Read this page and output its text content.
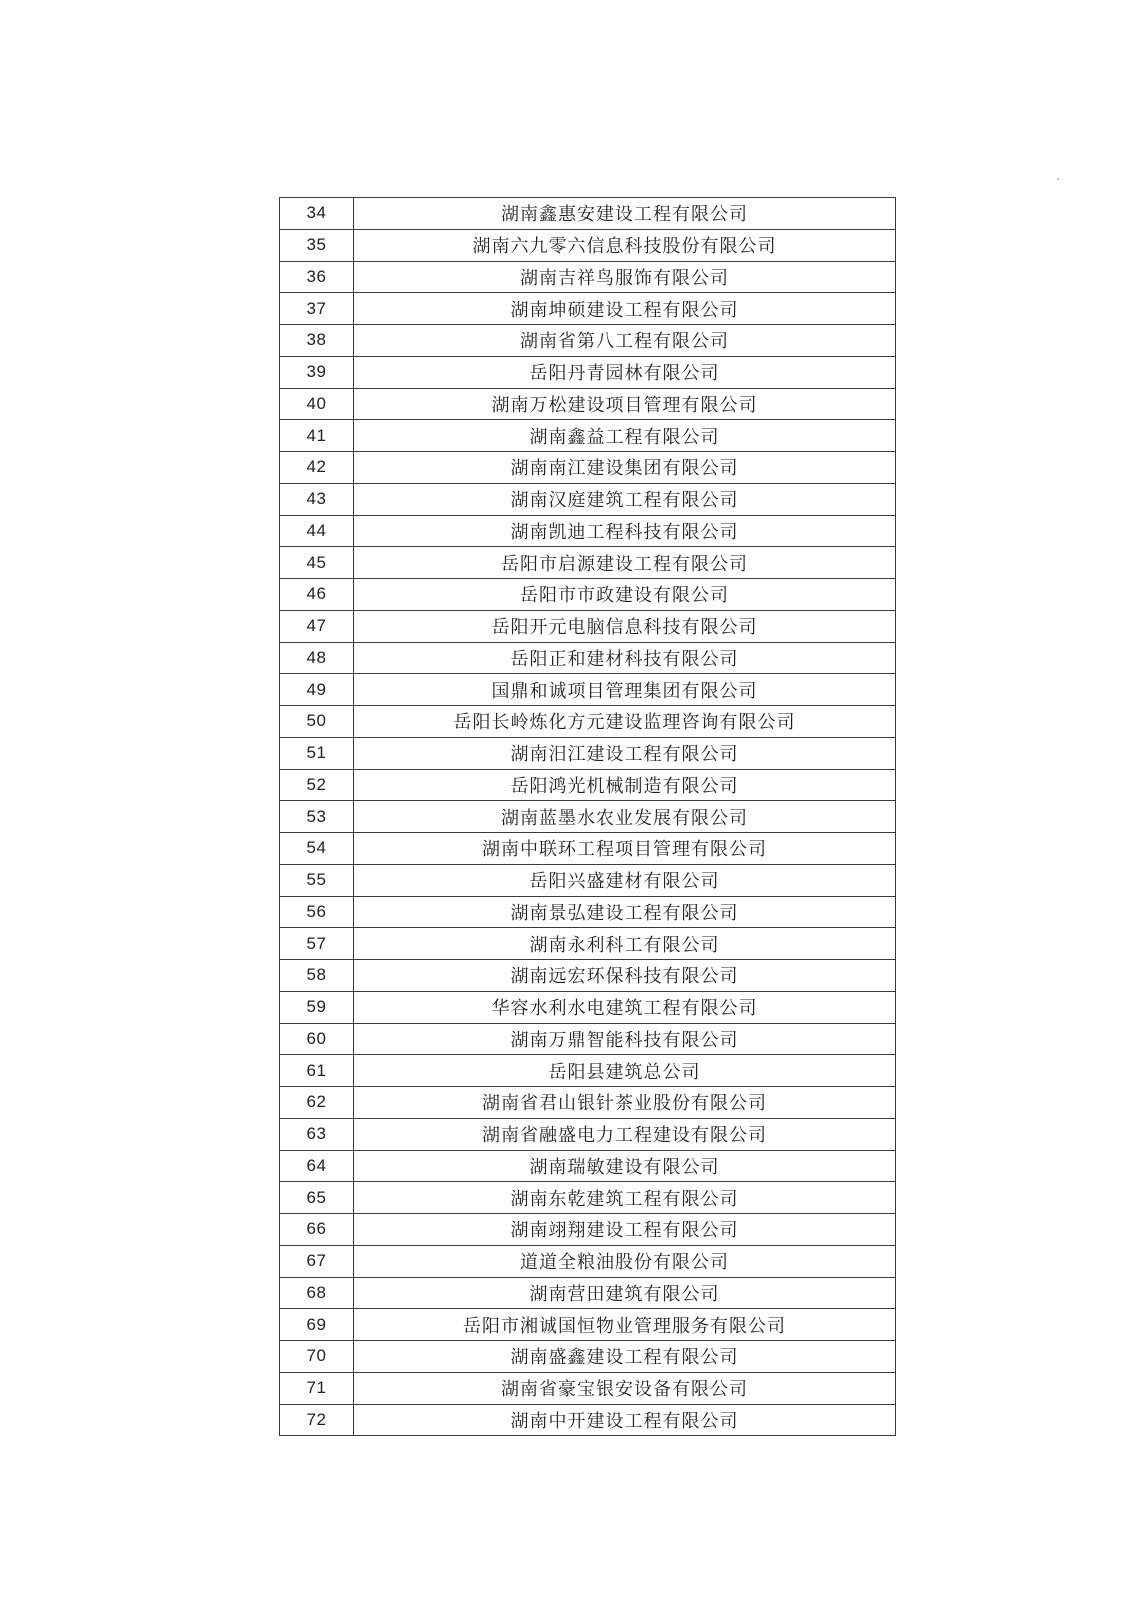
34	湖南鑫惠安建设工程有限公司
35	湖南六九零六信息科技股份有限公司
36	湖南吉祥鸟服饰有限公司
37	湖南坤硕建设工程有限公司
38	湖南省第八工程有限公司
39	岳阳丹青园林有限公司
40	湖南万松建设项目管理有限公司
41	湖南鑫益工程有限公司
42	湖南南江建设集团有限公司
43	湖南汉庭建筑工程有限公司
44	湖南凯迪工程科技有限公司
45	岳阳市启源建设工程有限公司
46	岳阳市市政建设有限公司
47	岳阳开元电脑信息科技有限公司
48	岳阳正和建材科技有限公司
49	国鼎和诚项目管理集团有限公司
50	岳阳长岭炼化方元建设监理咨询有限公司
51	湖南汨江建设工程有限公司
52	岳阳鸿光机械制造有限公司
53	湖南蓝墨水农业发展有限公司
54	湖南中联环工程项目管理有限公司
55	岳阳兴盛建材有限公司
56	湖南景弘建设工程有限公司
57	湖南永利科工有限公司
58	湖南远宏环保科技有限公司
59	华容水利水电建筑工程有限公司
60	湖南万鼎智能科技有限公司
61	岳阳县建筑总公司
62	湖南省君山银针茶业股份有限公司
63	湖南省融盛电力工程建设有限公司
64	湖南瑞敏建设有限公司
65	湖南东乾建筑工程有限公司
66	湖南翊翔建设工程有限公司
67	道道全粮油股份有限公司
68	湖南营田建筑有限公司
69	岳阳市湘诚国恒物业管理服务有限公司
70	湖南盛鑫建设工程有限公司
71	湖南省豪宝银安设备有限公司
72	湖南中开建设工程有限公司
